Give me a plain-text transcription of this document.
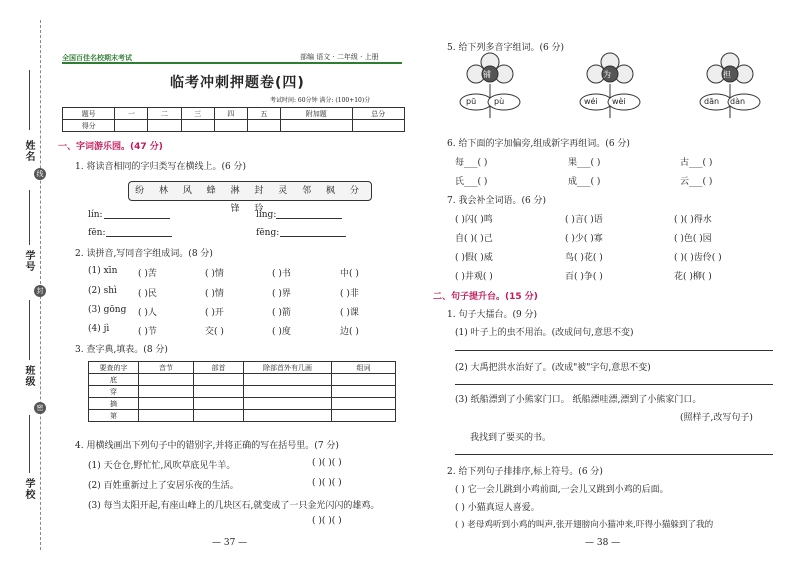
姓名
学号
班级
学校
线
封
密
全国百佳名校期末考试	部编 语文 · 二年级 · 上册
临考冲刺押题卷(四)
考试时间: 60分钟 满分: (100+10)分
题号	一	二	三	四	五	附加题	总分
得分							
一、字词游乐园。(47 分)
1. 将读音相同的字归类写在横线上。(6 分)
纷 林 风 蜂 淋 封 灵 邻 枫 分 锋 玲
lín:	líng:
fēn:	fēng:
2. 读拼音,写同音字组成词。(8 分)
(1) xīn ( )苦	( )情	( )书	中( )
(2) shì ( )民	( )情	( )界	( )非
(3) gōng ( )人	( )开	( )箭	( )课
(4) jì	( )节	交( )	( )度	边( )
3. 查字典,填表。(8 分)
要查的字	音节	部首	除部首外有几画	组词
底				
穿				
摘				
第				
4. 用横线画出下列句子中的错别字,并将正确的写在括号里。(7 分)
(1) 天仓仓,野忙忙,风吹草底见牛羊。	( )( )( )
(2) 百姓重新过上了安居乐夜的生活。	( )( )( )
(3) 每当太阳开起,有座山峰上的几块区石,就变成了一只金光闪闪的雄鸡。
( )( )( )
— 37 —
5. 给下列多音字组词。(6 分)
铺
pū pù
为
wéi wèi
担
dān dàn
6. 给下面的字加偏旁,组成新字再组词。(6 分)
每___( )	果___( )	古___( )
氏___( )	成___( )	云___( )
7. 我会补全词语。(6 分)
( )闪( )鸣	( )言( )语	( )( )得水
自( )( )己	( )少( )寡	( )色( )园
( )假( )威	鸟( )花( )	( )( )齿伶( )
( )井观( )	百( )争( )	花( )柳( )
二、句子提升台。(15 分)
1. 句子大擂台。(9 分)
(1) 叶子上的虫不用治。(改成问句,意思不变)
(2) 大禹把洪水治好了。(改成"被"字句,意思不变)
(3) 纸船漂到了小熊家门口。 纸船漂哇漂,漂到了小熊家门口。
(照样子,改写句子)
我找到了要买的书。
2. 给下列句子排排序,标上符号。(6 分)
( ) 它一会儿跳到小鸡前面,一会儿又跳到小鸡的后面。
( ) 小猫真逗人喜爱。
( ) 老母鸡听到小鸡的叫声,张开翅膀向小猫冲来,吓得小猫躲到了我的
— 38 —
